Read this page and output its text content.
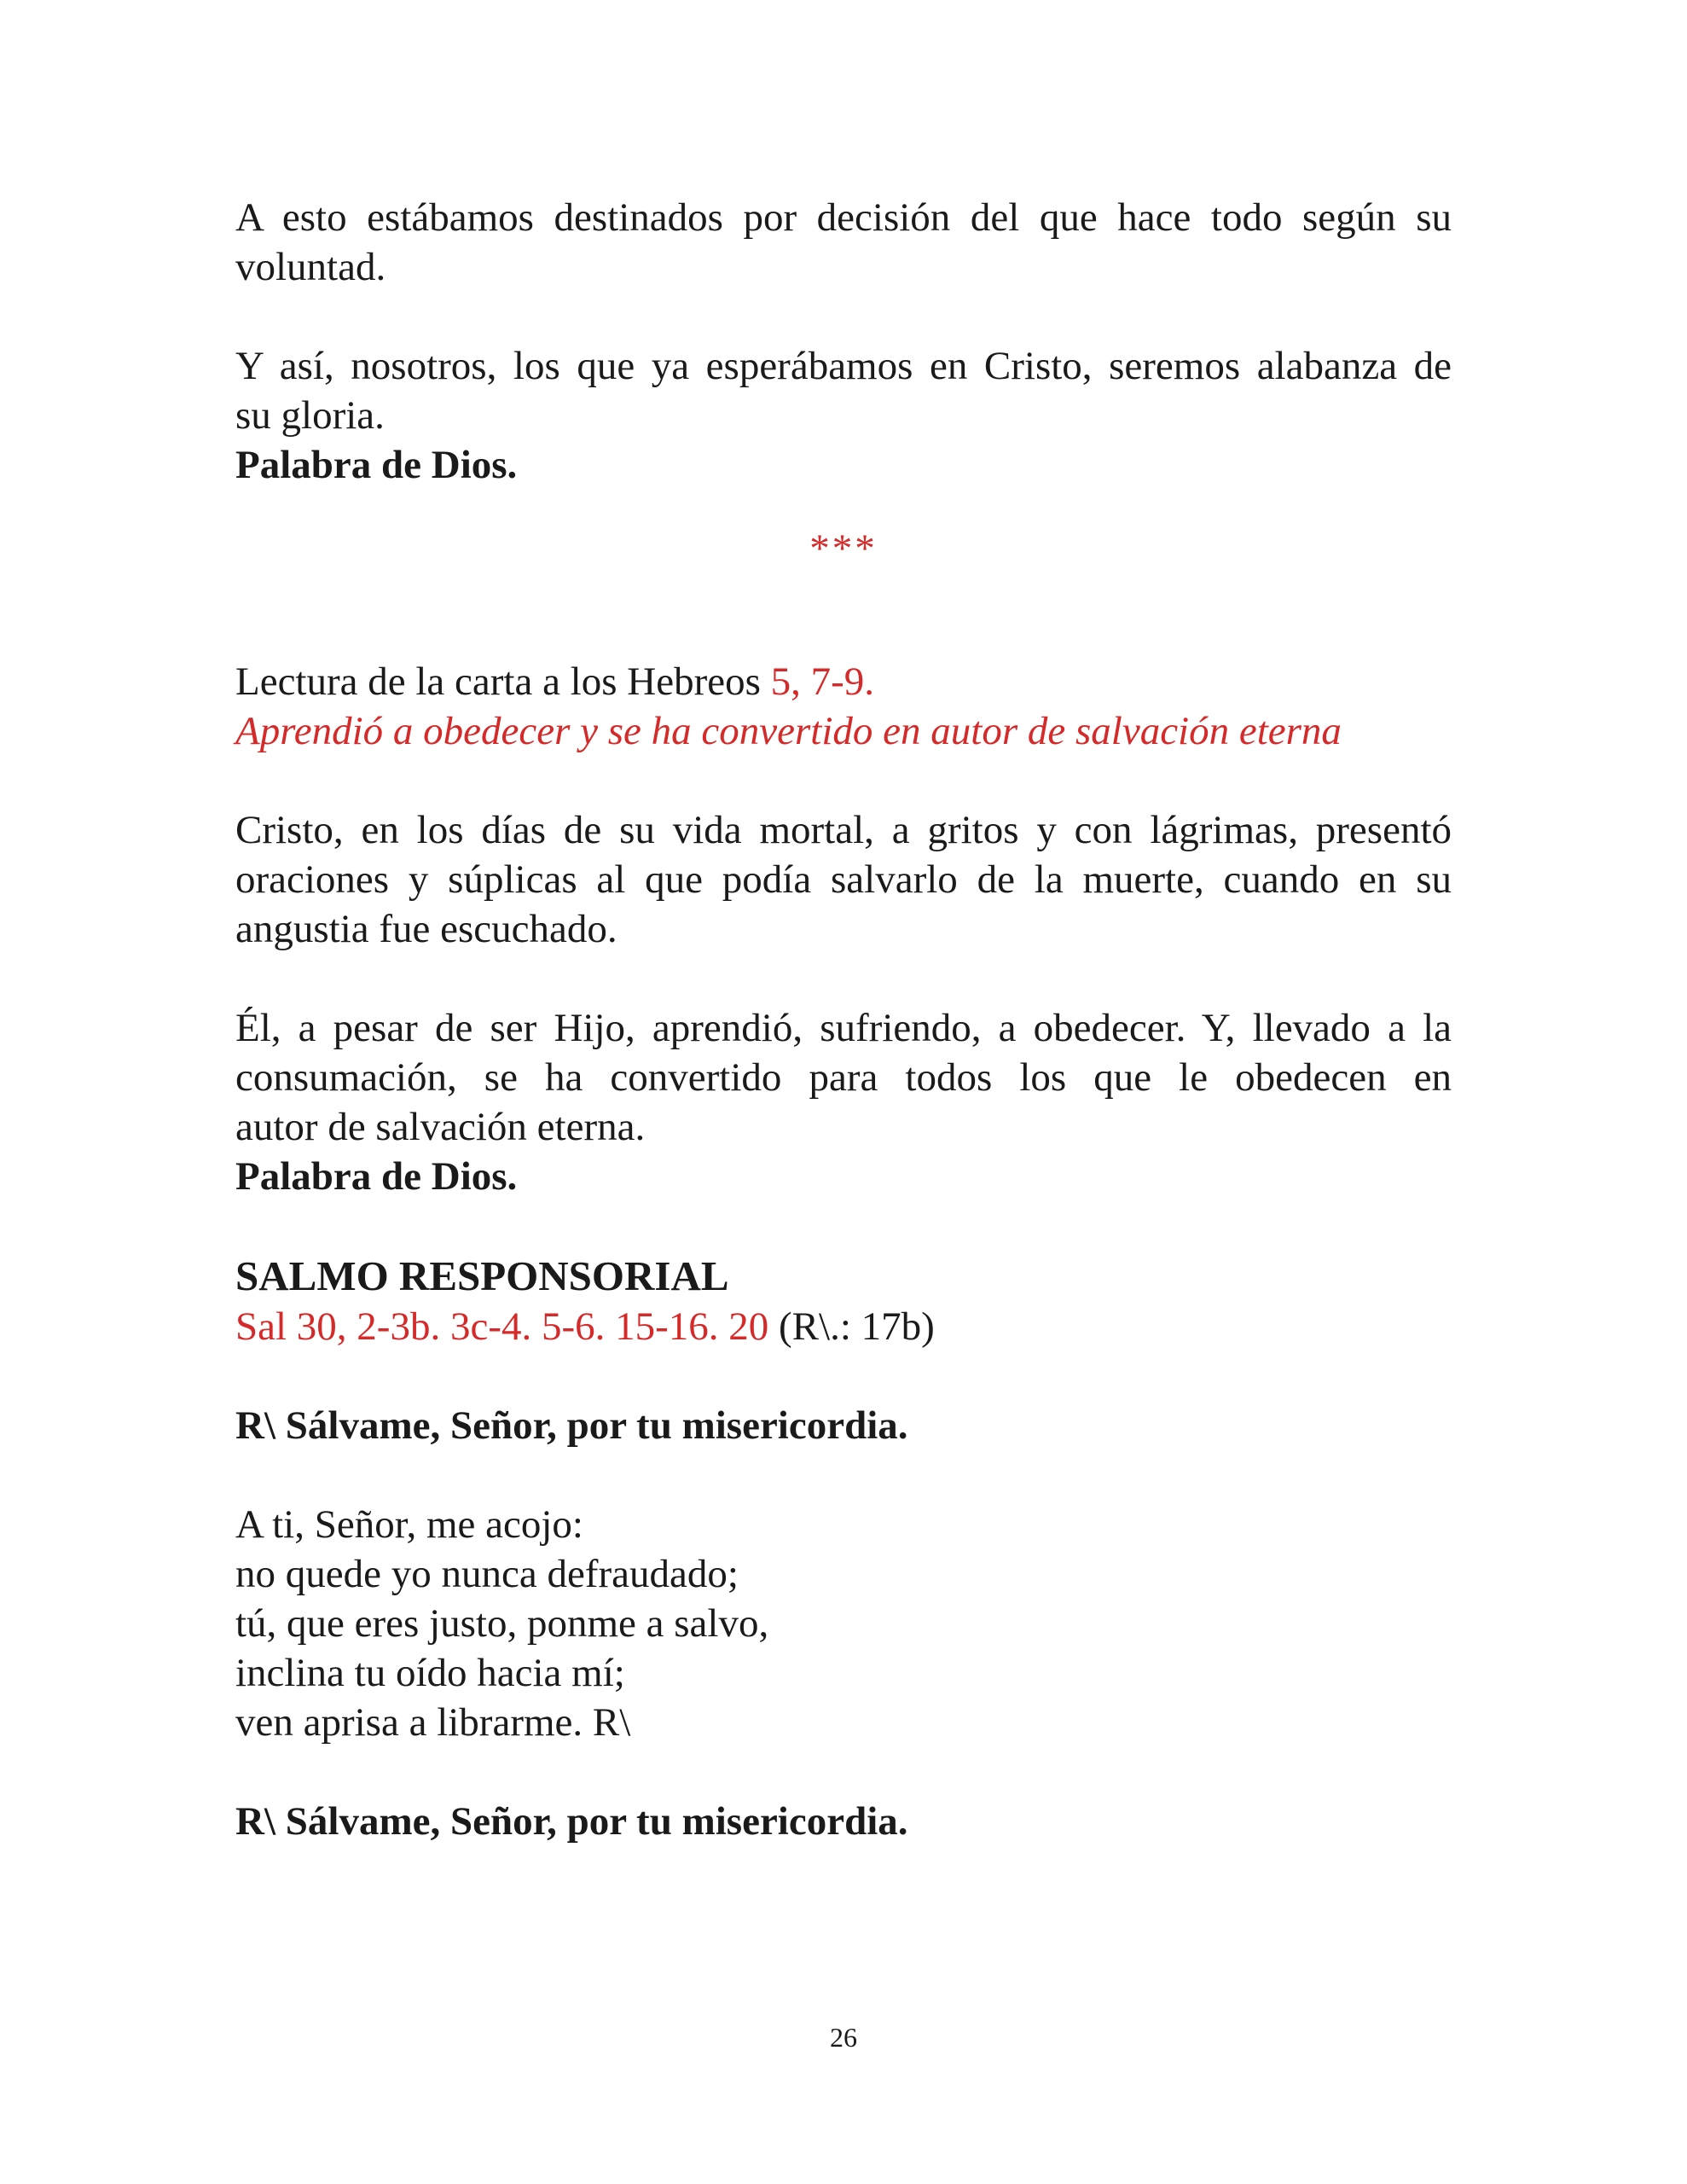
A esto estábamos destinados por decisión del que hace todo según su

voluntad.

Y así, nosotros, los que ya esperábamos en Cristo, seremos alabanza de

su gloria.

Palabra de Dios.

***

Lectura de la carta a los Hebreos 5, 7-9.

Aprendió a obedecer y se ha convertido en autor de salvación eterna

Cristo, en los días de su vida mortal, a gritos y con lágrimas, presentó

oraciones y súplicas al que podía salvarlo de la muerte, cuando en su

angustia fue escuchado.

Él, a pesar de ser Hijo, aprendió, sufriendo, a obedecer. Y, llevado a la

consumación, se ha convertido para todos los que le obedecen en

autor de salvación eterna.

Palabra de Dios.

SALMO RESPONSORIAL

Sal 30, 2-3b. 3c-4. 5-6. 15-16. 20 (R\.: 17b)

R\ Sálvame, Señor, por tu misericordia.

A ti, Señor, me acojo:

no quede yo nunca defraudado;

tú, que eres justo, ponme a salvo,

inclina tu oído hacia mí;

ven aprisa a librarme. R\

R\ Sálvame, Señor, por tu misericordia.

26
